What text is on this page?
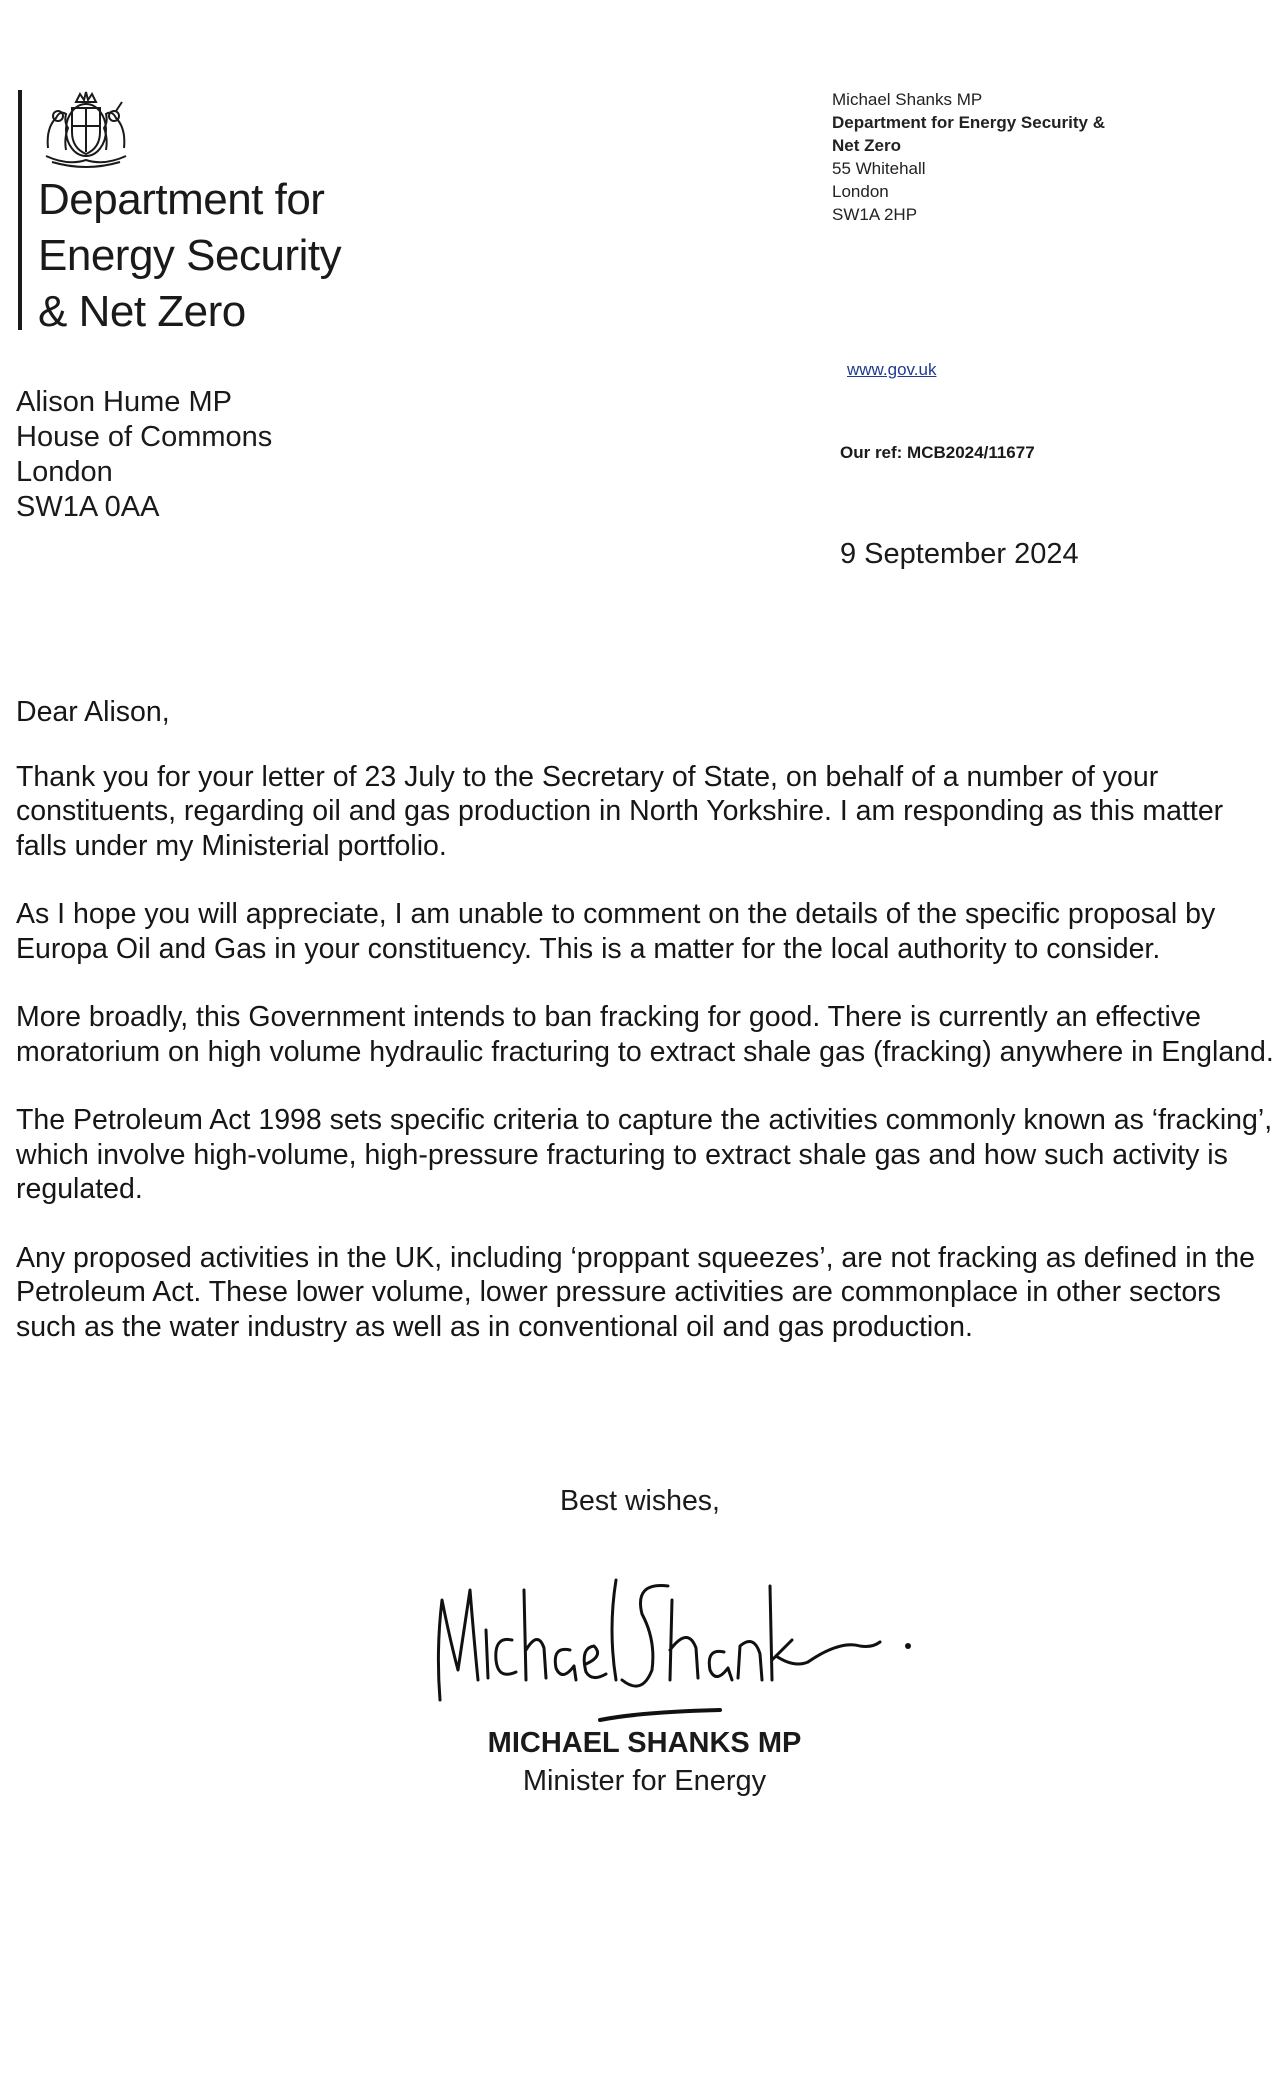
Department for
Energy Security
& Net Zero
Michael Shanks MP
Department for Energy Security &
Net Zero
55 Whitehall
London
SW1A 2HP
www.gov.uk
Our ref: MCB2024/11677
Alison Hume MP
House of Commons
London
SW1A 0AA
9 September 2024

Dear Alison,

Thank you for your letter of 23 July to the Secretary of State, on behalf of a number of your constituents, regarding oil and gas production in North Yorkshire. I am responding as this matter falls under my Ministerial portfolio.

As I hope you will appreciate, I am unable to comment on the details of the specific proposal by Europa Oil and Gas in your constituency. This is a matter for the local authority to consider.

More broadly, this Government intends to ban fracking for good. There is currently an effective moratorium on high volume hydraulic fracturing to extract shale gas (fracking) anywhere in England.

The Petroleum Act 1998 sets specific criteria to capture the activities commonly known as ‘fracking’, which involve high-volume, high-pressure fracturing to extract shale gas and how such activity is regulated.

Any proposed activities in the UK, including ‘proppant squeezes’, are not fracking as defined in the Petroleum Act. These lower volume, lower pressure activities are commonplace in other sectors such as the water industry as well as in conventional oil and gas production.

Best wishes,
MICHAEL SHANKS MP
Minister for Energy
